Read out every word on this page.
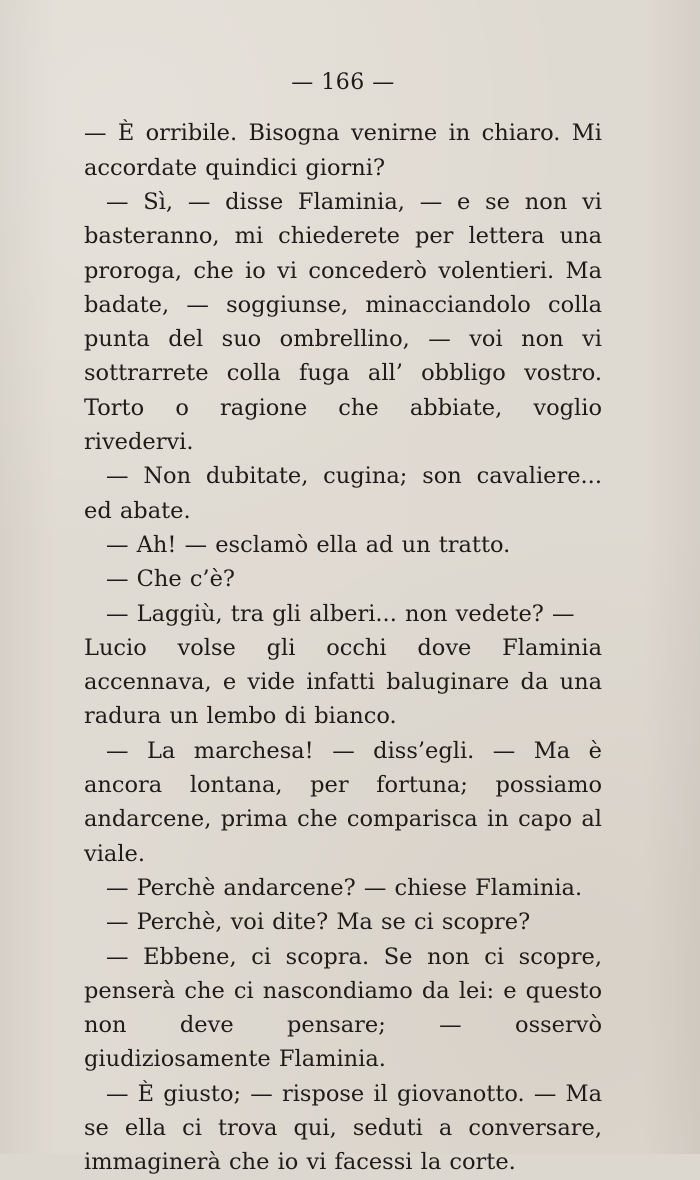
— 166 —

— È orribile. Bisogna venirne in chiaro. Mi accordate quindici giorni?

— Sì, — disse Flaminia, — e se non vi basteranno, mi chiederete per lettera una proroga, che io vi concederò volentieri. Ma badate, — soggiunse, minacciandolo colla punta del suo ombrellino, — voi non vi sottrarrete colla fuga all’ obbligo vostro. Torto o ragione che abbiate, voglio rivedervi.

— Non dubitate, cugina; son cavaliere... ed abate.

— Ah! — esclamò ella ad un tratto.

— Che c’è?

— Laggiù, tra gli alberi... non vedete? —

Lucio volse gli occhi dove Flaminia accennava, e vide infatti baluginare da una radura un lembo di bianco.

— La marchesa! — diss’egli. — Ma è ancora lontana, per fortuna; possiamo andarcene, prima che comparisca in capo al viale.

— Perchè andarcene? — chiese Flaminia.

— Perchè, voi dite? Ma se ci scopre?

— Ebbene, ci scopra. Se non ci scopre, penserà che ci nascondiamo da lei: e questo non deve pensare; — osservò giudiziosamente Flaminia.

— È giusto; — rispose il giovanotto. — Ma se ella ci trova qui, seduti a conversare, immaginerà che io vi facessi la corte.
